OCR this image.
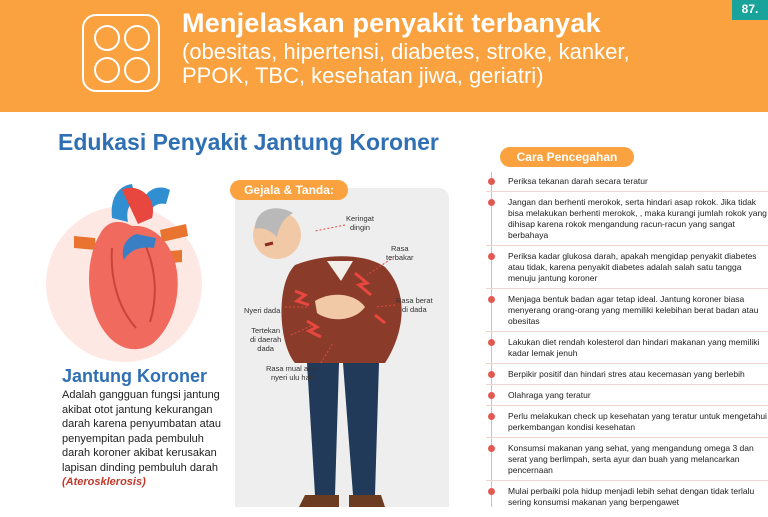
87.
Menjelaskan penyakit terbanyak
(obesitas, hipertensi, diabetes, stroke, kanker, PPOK, TBC, kesehatan jiwa, geriatri)
Edukasi Penyakit Jantung Koroner
Jantung Koroner
Adalah gangguan fungsi jantung akibat otot jantung kekurangan darah karena penyumbatan atau penyempitan pada pembuluh darah koroner akibat kerusakan lapisan dinding pembuluh darah
(Aterosklerosis)
Gejala & Tanda:
Keringat
dingin
Rasa
terbakar
Rasa berat
di dada
Nyeri dada
Tertekan
di daerah
dada
Rasa mual atau
nyeri ulu hati
Cara Pencegahan
Periksa tekanan darah secara teratur
Jangan dan berhenti merokok, serta hindari asap rokok. Jika tidak bisa melakukan berhenti merokok, , maka kurangi jumlah rokok yang dihisap karena rokok mengandung racun-racun yang sangat berbahaya
Periksa kadar glukosa darah, apakah mengidap penyakit diabetes atau tidak, karena penyakit diabetes adalah salah satu tangga menuju jantung koroner
Menjaga bentuk badan agar tetap ideal. Jantung koroner biasa menyerang orang-orang yang memiliki kelebihan berat badan atau obesitas
Lakukan diet rendah kolesterol dan hindari makanan yang memiliki kadar lemak jenuh
Berpikir positif dan hindari stres atau kecemasan yang berlebih
Olahraga yang teratur
Perlu melakukan check up kesehatan yang teratur untuk mengetahui perkembangan kondisi kesehatan
Konsumsi makanan yang sehat, yang mengandung omega 3 dan serat yang berlimpah, serta ayur dan buah yang melancarkan pencernaan
Mulai perbaiki pola hidup menjadi lebih sehat dengan tidak terlalu sering konsumsi makanan yang berpengawet
